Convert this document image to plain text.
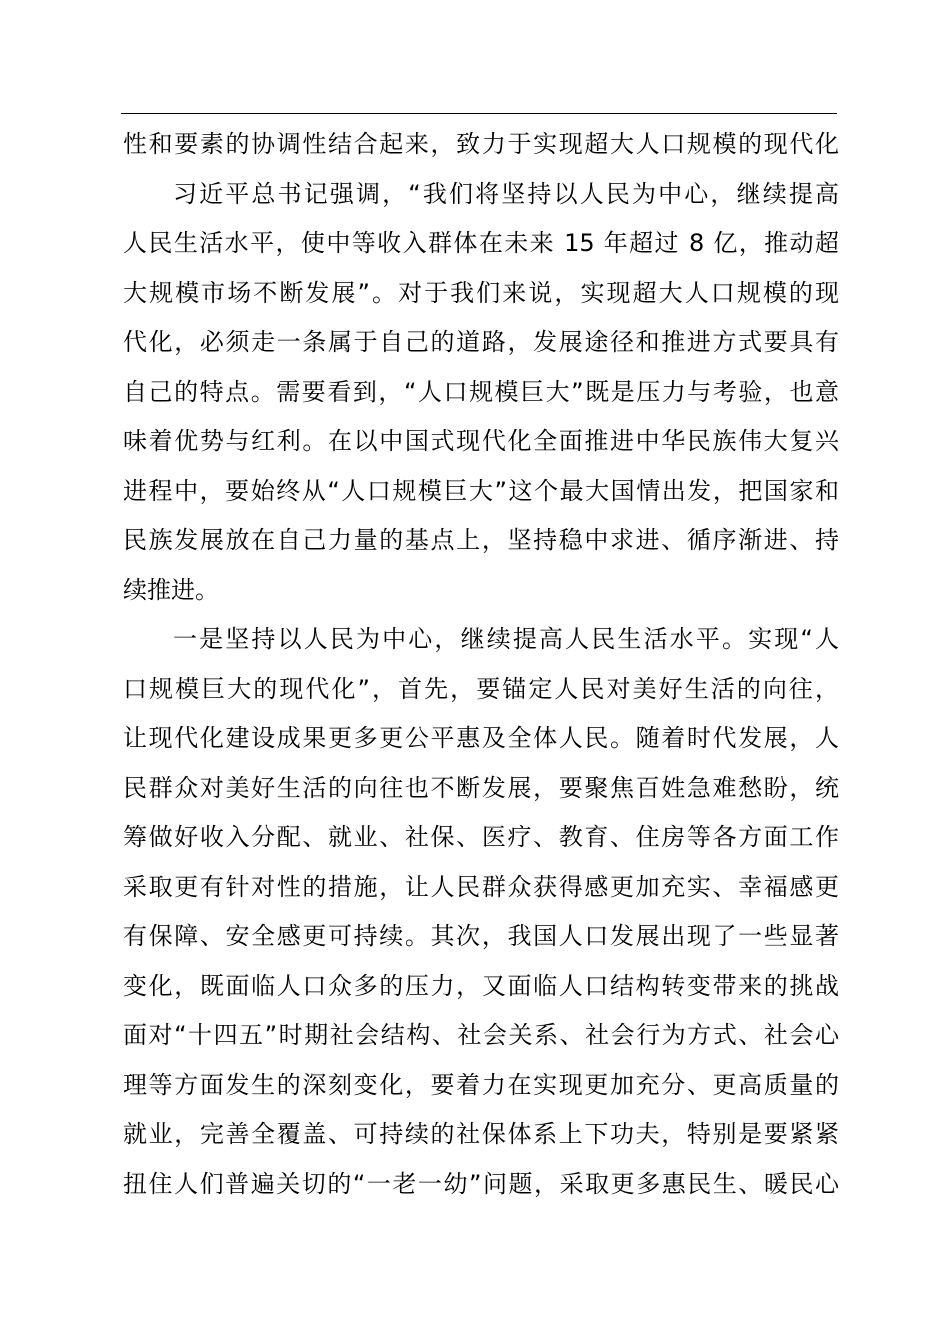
性和要素的协调性结合起来，致力于实现超大人口规模的现代化
习近平总书记强调，“我们将坚持以人民为中心，继续提高
人民生活水平，使中等收入群体在未来 15 年超过 8 亿，推动超
大规模市场不断发展”。对于我们来说，实现超大人口规模的现
代化，必须走一条属于自己的道路，发展途径和推进方式要具有
自己的特点。需要看到，“人口规模巨大”既是压力与考验，也意
味着优势与红利。在以中国式现代化全面推进中华民族伟大复兴
进程中，要始终从“人口规模巨大”这个最大国情出发，把国家和
民族发展放在自己力量的基点上，坚持稳中求进、循序渐进、持
续推进。
一是坚持以人民为中心，继续提高人民生活水平。实现“人
口规模巨大的现代化”，首先，要锚定人民对美好生活的向往，
让现代化建设成果更多更公平惠及全体人民。随着时代发展，人
民群众对美好生活的向往也不断发展，要聚焦百姓急难愁盼，统
筹做好收入分配、就业、社保、医疗、教育、住房等各方面工作
采取更有针对性的措施，让人民群众获得感更加充实、幸福感更
有保障、安全感更可持续。其次，我国人口发展出现了一些显著
变化，既面临人口众多的压力，又面临人口结构转变带来的挑战
面对“十四五”时期社会结构、社会关系、社会行为方式、社会心
理等方面发生的深刻变化，要着力在实现更加充分、更高质量的
就业，完善全覆盖、可持续的社保体系上下功夫，特别是要紧紧
扭住人们普遍关切的“一老一幼”问题，采取更多惠民生、暖民心
